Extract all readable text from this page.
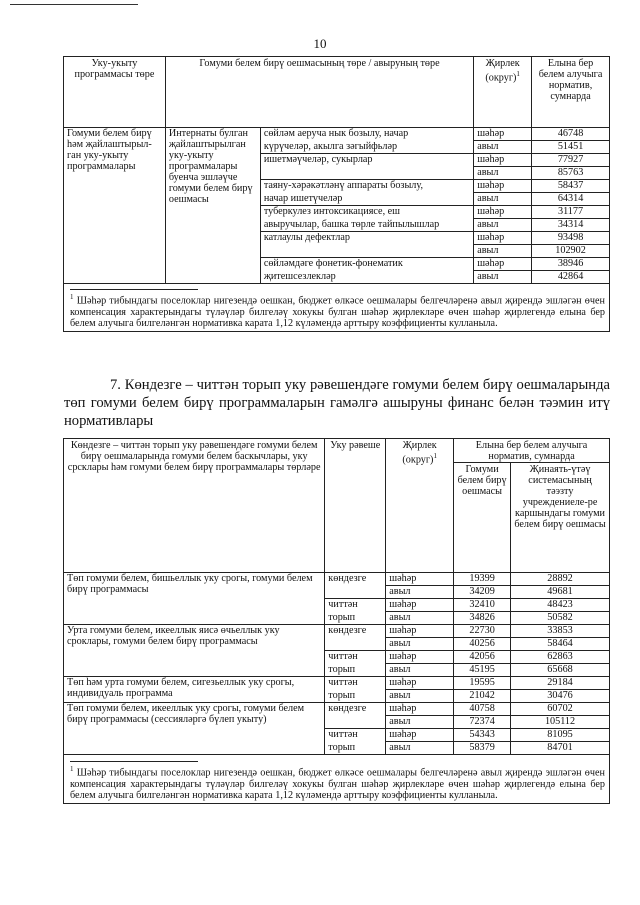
10
Уку-укыту программасы төре	Гомуми белем бирү оешмасының төре / авыруның төре		Җирлек (округ)$^1$	Елына бер белем алучыга норматив, сумнарда
Гомуми белем бирү һәм җайлаштырыл-ган уку-укыту программалары	Интернаты булган җайлаштырылган уку-укыту программалары буенча эшләүче гомуми белем бирү оешмасы	сөйләм аеруча нык бозылу, начар	шәһәр	46748
		күрүчеләр, акылга зәгыйфьләр	авыл	51451
		ишетмәүчеләр, сукырлар	шәһәр	77927
			авыл	85763
		таяну-хәрәкәтләнү аппараты бозылу,	шәһәр	58437
		начар ишетүчеләр	авыл	64314
		туберкулез интоксикациясе, еш	шәһәр	31177
		авыручылар, башка төрле тайпылышлар	авыл	34314
		катлаулы дефектлар	шәһәр	93498
			авыл	102902
		сөйләмдәге фонетик-фонематик	шәһәр	38946
		җитешсезлекләр	авыл	42864

$^1$ Шәһәр тибындагы поселоклар нигезендә оешкан, бюджет өлкәсе оешмалары белгечләренә авыл җирендә эшләгән өчен компенсация характерындагы түләүләр билгеләү хокукы булган шәһәр җирлекләре өчен шәһәр җирлегендә елына бер белем алучыга билгеләнгән нормативка карата 1,12 күләмендә арттыру коэффициенты кулланыла.				
7. Көндезге – читтән торып уку рәвешендәге гомуми белем бирү оешмаларында төп гомуми белем бирү программаларын гамәлгә ашыруны финанс белән тәэмин итү нормативлары
Көндезге – читтән торып уку рәвешендәге гомуми белем бирү оешмаларында гомуми белем баскычлары, уку срсклары һәм гомуми белем бирү программалары төрләре	Уку рәвеше	Җирлек (округ)$^1$	Елына бер белем алучыга норматив, сумнарда	
			Гомуми белем бирү оешмасы	Җинаять-үтәү системасының тәэзту учреждениеле-ре каршындагы гомуми белем бирү оешмасы
Төп гомуми белем, бишьеллык уку срогы, гомуми белем бирү программасы	көндезге	шәһәр	19399	28892
		авыл	34209	49681
	читтән	шәһәр	32410	48423
	торып	авыл	34826	50582
Урта гомуми белем, икееллык яисә өчьеллык уку сроклары, гомуми белем бирү программасы	көндезге	шәһәр	22730	33853
		авыл	40256	58464
	читтән	шәһәр	42056	62863
	торып	авыл	45195	65668
Төп һәм урта гомуми белем, сигезьеллык уку срогы, индивидуаль программа	читтән	шәһәр	19595	29184
	торып	авыл	21042	30476
Төп гомуми белем, икееллык уку срогы, гомуми белем бирү программасы (сессияләргә бүлеп укыту)	көндезге	шәһәр	40758	60702
		авыл	72374	105112
	читтән	шәһәр	54343	81095
	торып	авыл	58379	84701

$^1$ Шәһәр тибындагы поселоклар нигезендә оешкан, бюджет өлкәсе оешмалары белгечләренә авыл җирендә эшләгән өчен компенсация характерындагы түләүләр билгеләү хокукы булган шәһәр җирлекләре өчен шәһәр җирлегендә елына бер белем алучыга билгеләнгән нормативка карата 1,12 күләмендә арттыру коэффициенты кулланыла.				
